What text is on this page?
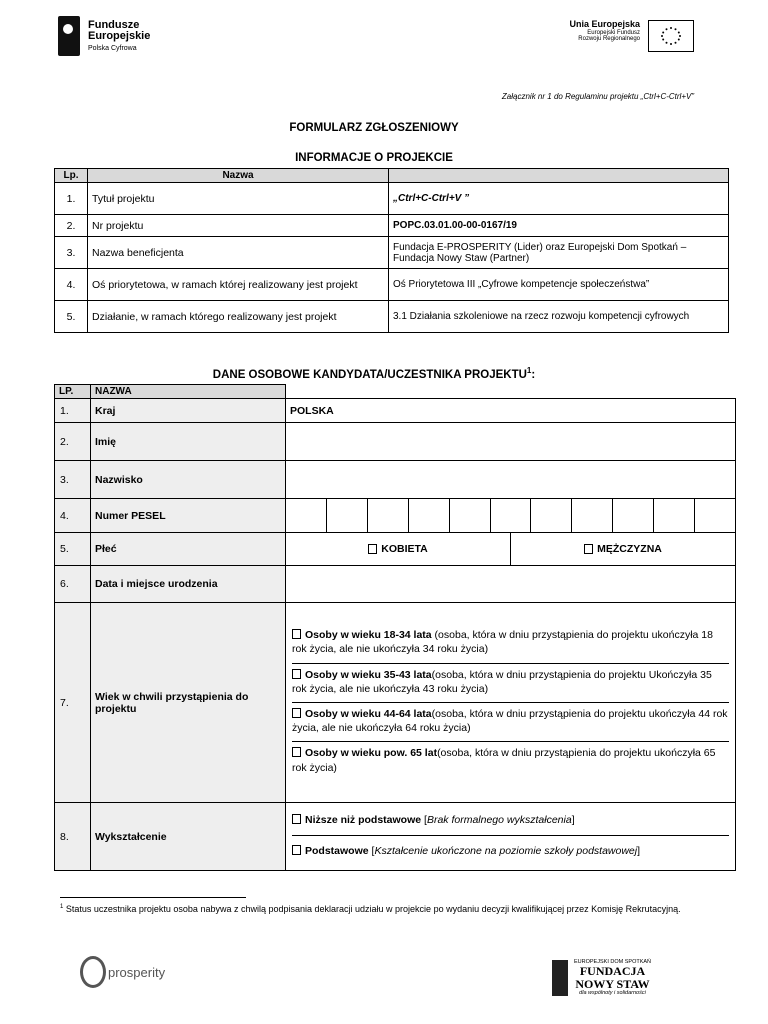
Fundusze
Europejskie
Polska Cyfrowa
Unia Europejska
Europejski Fundusz
Rozwoju Regionalnego
Załącznik nr 1 do Regulaminu projektu „Ctrl+C-Ctrl+V”
FORMULARZ ZGŁOSZENIOWY
INFORMACJE O PROJEKCIE
Lp.	Nazwa	
1.	Tytuł projektu	„Ctrl+C-Ctrl+V ”
2.	Nr projektu	POPC.03.01.00-00-0167/19
3.	Nazwa beneficjenta	Fundacja E-PROSPERITY (Lider) oraz Europejski Dom Spotkań – Fundacja Nowy Staw (Partner)
4.	Oś priorytetowa, w ramach której realizowany jest projekt	Oś Priorytetowa III „Cyfrowe kompetencje społeczeństwa”
5.	Działanie, w ramach którego realizowany jest projekt	3.1 Działania szkoleniowe na rzecz rozwoju kompetencji cyfrowych
DANE OSOBOWE KANDYDATA/UCZESTNIKA PROJEKTU$^1$:
LP.	NAZWA	
1.	Kraj	POLSKA
2.	Imię	
3.	Nazwisko	
4.	Numer PESEL	

5.	Płeć	KOBIETA MĘŻCZYZNA

6.	Data i miejsce urodzenia	
7.	Wiek w chwili przystąpienia do projektu	Osoby w wieku 18-34 lata (osoba, która w dniu przystąpienia do projektu ukończyła 18 rok życia, ale nie ukończyła 34 roku życia)
Osoby w wieku 35-43 lata(osoba, która w dniu przystąpienia do projektu Ukończyła 35 rok życia, ale nie ukończyła 43 roku życia)
Osoby w wieku 44-64 lata(osoba, która w dniu przystąpienia do projektu ukończyła 44 rok życia, ale nie ukończyła 64 roku życia)
Osoby w wieku pow. 65 lat(osoba, która w dniu przystąpienia do projektu ukończyła 65 rok życia)

8.	Wykształcenie	Niższe niż podstawowe [Brak formalnego wykształcenia]
Podstawowe [Kształcenie ukończone na poziomie szkoły podstawowej]
$^1$ Status uczestnika projektu osoba nabywa z chwilą podpisania deklaracji udziału w projekcie po wydaniu decyzji kwalifikującej przez Komisję Rekrutacyjną.
prosperity
EUROPEJSKI DOM SPOTKAŃ
FUNDACJA
NOWY STAW
dla wspólnoty i solidarności
